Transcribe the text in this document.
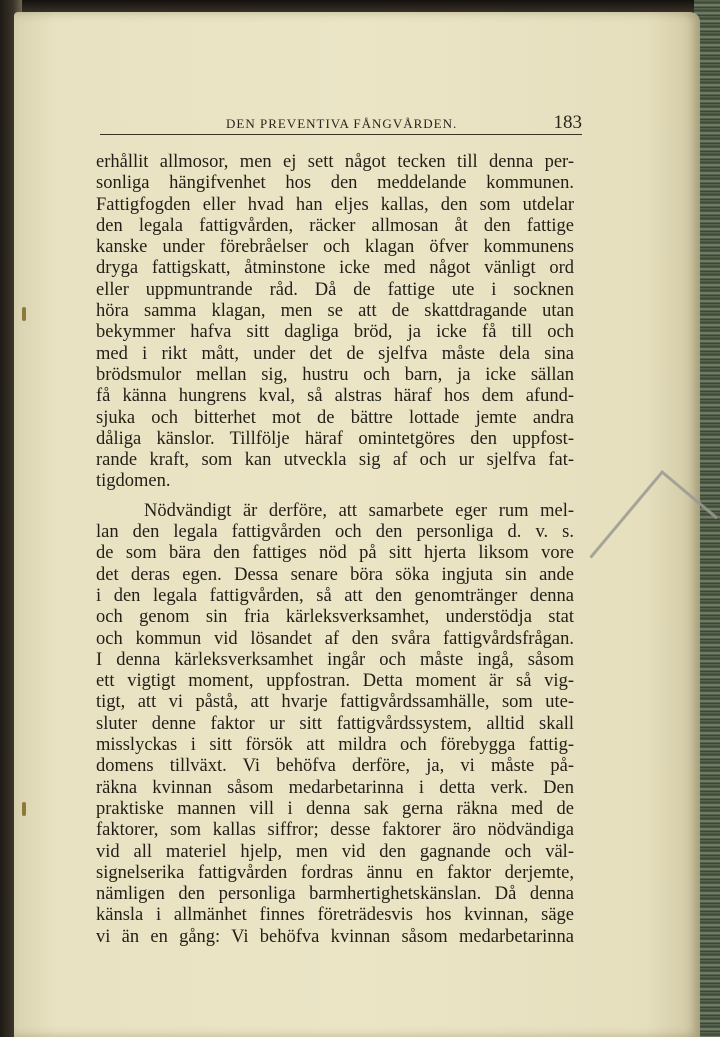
DEN PREVENTIVA FÅNGVÅRDEN.	183
erhållit allmosor, men ej sett något tecken till denna per-
sonliga hängifvenhet hos den meddelande kommunen.
Fattigfogden eller hvad han eljes kallas, den som utdelar
den legala fattigvården, räcker allmosan åt den fattige
kanske under förebråelser och klagan öfver kommunens
dryga fattigskatt, åtminstone icke med något vänligt ord
eller uppmuntrande råd. Då de fattige ute i socknen
höra samma klagan, men se att de skattdragande utan
bekymmer hafva sitt dagliga bröd, ja icke få till och
med i rikt mått, under det de sjelfva måste dela sina
brödsmulor mellan sig, hustru och barn, ja icke sällan
få känna hungrens kval, så alstras häraf hos dem afund-
sjuka och bitterhet mot de bättre lottade jemte andra
dåliga känslor. Tillfölje häraf omintetgöres den uppfost-
rande kraft, som kan utveckla sig af och ur sjelfva fat-
tigdomen.
Nödvändigt är derföre, att samarbete eger rum mel-
lan den legala fattigvården och den personliga d. v. s.
de som bära den fattiges nöd på sitt hjerta liksom vore
det deras egen. Dessa senare böra söka ingjuta sin ande
i den legala fattigvården, så att den genomtränger denna
och genom sin fria kärleksverksamhet, understödja stat
och kommun vid lösandet af den svåra fattigvårdsfrågan.
I denna kärleksverksamhet ingår och måste ingå, såsom
ett vigtigt moment, uppfostran. Detta moment är så vig-
tigt, att vi påstå, att hvarje fattigvårdssamhälle, som ute-
sluter denne faktor ur sitt fattigvårdssystem, alltid skall
misslyckas i sitt försök att mildra och förebygga fattig-
domens tillväxt. Vi behöfva derföre, ja, vi måste på-
räkna kvinnan såsom medarbetarinna i detta verk. Den
praktiske mannen vill i denna sak gerna räkna med de
faktorer, som kallas siffror; desse faktorer äro nödvändiga
vid all materiel hjelp, men vid den gagnande och väl-
signelserika fattigvården fordras ännu en faktor derjemte,
nämligen den personliga barmhertighetskänslan. Då denna
känsla i allmänhet finnes företrädesvis hos kvinnan, säge
vi än en gång: Vi behöfva kvinnan såsom medarbetarinna
